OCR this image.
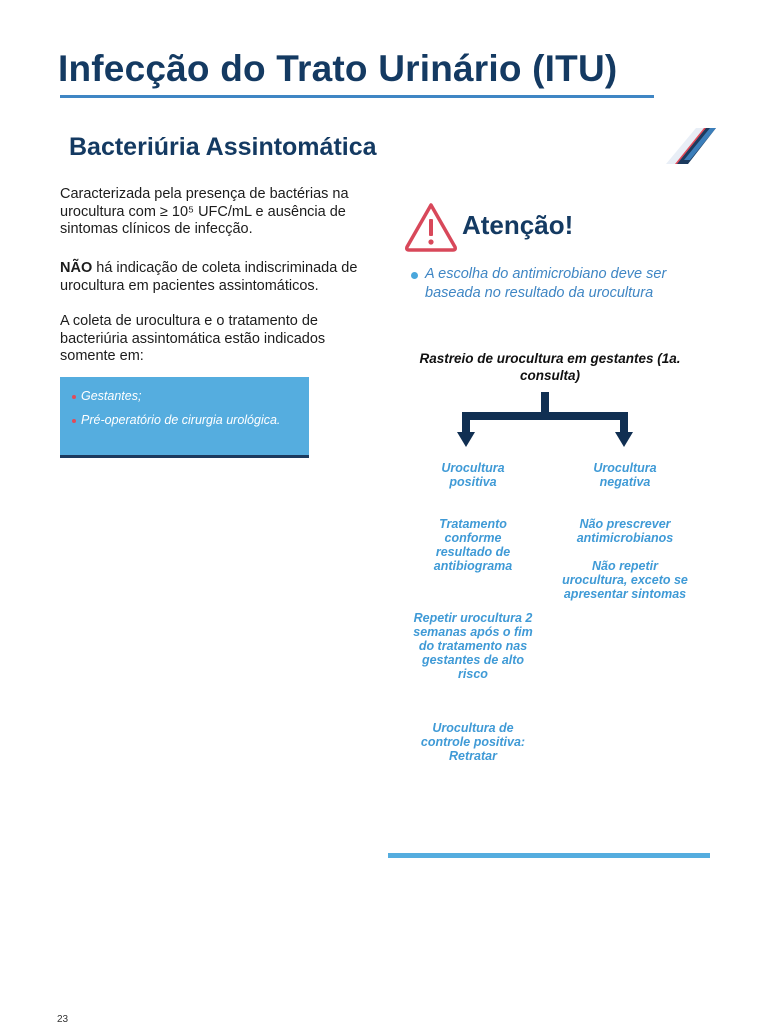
Infecção do Trato Urinário (ITU)
Bacteriúria Assintomática
Caracterizada pela presença de bactérias na urocultura com ≥ 10⁵ UFC/mL e ausência de sintomas clínicos de infecção.
NÃO há indicação de coleta indiscriminada de urocultura em pacientes assintomáticos.
A coleta de urocultura e o tratamento de bacteriúria assintomática estão indicados somente em:
Gestantes;
Pré-operatório de cirurgia urológica.
Atenção!
A escolha do antimicrobiano deve ser baseada no resultado da urocultura
Rastreio de urocultura em gestantes (1a. consulta)
Urocultura positiva
Urocultura negativa
Tratamento conforme resultado de antibiograma
Não prescrever antimicrobianos
Não repetir urocultura, exceto se apresentar sintomas
Repetir urocultura 2 semanas após o fim do tratamento nas gestantes de alto risco
Urocultura de controle positiva: Retratar
23
